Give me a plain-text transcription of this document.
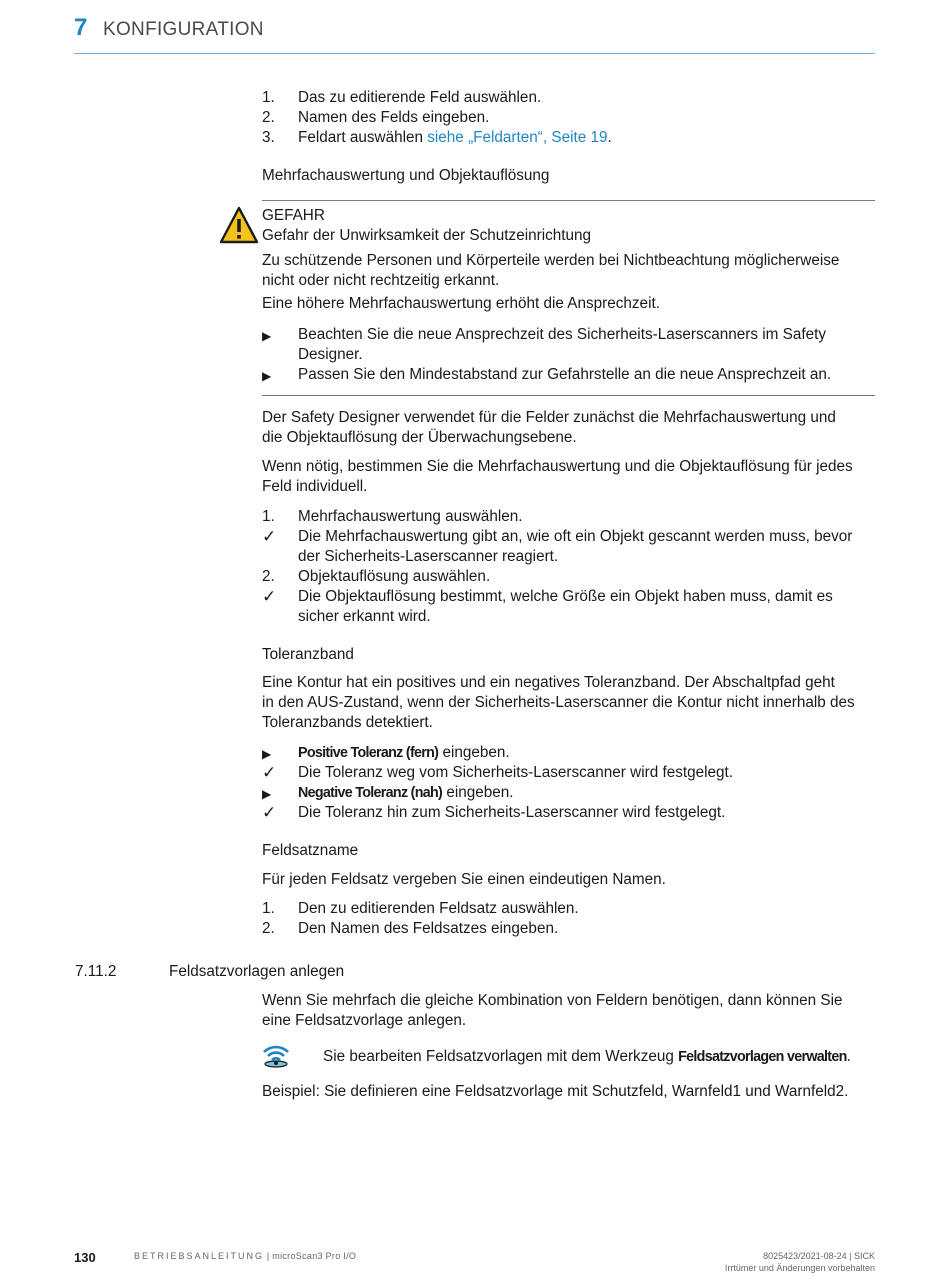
7 KONFIGURATION
1.	Das zu editierende Feld auswählen.
2.	Namen des Felds eingeben.
3.	Feldart auswählen siehe „Feldarten“, Seite 19.
Mehrfachauswertung und Objektauflösung
GEFAHR
Gefahr der Unwirksamkeit der Schutzeinrichtung
Zu schützende Personen und Körperteile werden bei Nichtbeachtung möglicherweise
nicht oder nicht rechtzeitig erkannt.
Eine höhere Mehrfachauswertung erhöht die Ansprechzeit.
▶	Beachten Sie die neue Ansprechzeit des Sicherheits-Laserscanners im Safety
Designer.
▶	Passen Sie den Mindestabstand zur Gefahrstelle an die neue Ansprechzeit an.
Der Safety Designer verwendet für die Felder zunächst die Mehrfachauswertung und
die Objektauflösung der Überwachungsebene.
Wenn nötig, bestimmen Sie die Mehrfachauswertung und die Objektauflösung für jedes
Feld individuell.
1.	Mehrfachauswertung auswählen.
✓	Die Mehrfachauswertung gibt an, wie oft ein Objekt gescannt werden muss, bevor
der Sicherheits-Laserscanner reagiert.
2.	Objektauflösung auswählen.
✓	Die Objektauflösung bestimmt, welche Größe ein Objekt haben muss, damit es
sicher erkannt wird.
Toleranzband
Eine Kontur hat ein positives und ein negatives Toleranzband. Der Abschaltpfad geht
in den AUS-Zustand, wenn der Sicherheits-Laserscanner die Kontur nicht innerhalb des
Toleranzbands detektiert.
▶	Positive Toleranz (fern) eingeben.
✓	Die Toleranz weg vom Sicherheits-Laserscanner wird festgelegt.
▶	Negative Toleranz (nah) eingeben.
✓	Die Toleranz hin zum Sicherheits-Laserscanner wird festgelegt.
Feldsatzname
Für jeden Feldsatz vergeben Sie einen eindeutigen Namen.
1.	Den zu editierenden Feldsatz auswählen.
2.	Den Namen des Feldsatzes eingeben.
7.11.2	Feldsatzvorlagen anlegen
Wenn Sie mehrfach die gleiche Kombination von Feldern benötigen, dann können Sie
eine Feldsatzvorlage anlegen.
Sie bearbeiten Feldsatzvorlagen mit dem Werkzeug Feldsatzvorlagen verwalten.
Beispiel: Sie definieren eine Feldsatzvorlage mit Schutzfeld, Warnfeld1 und Warnfeld2.
130	BETRIEBSANLEITUNG | microScan3 Pro I/O	8025423/2021-08-24 | SICK
Irrtümer und Änderungen vorbehalten
